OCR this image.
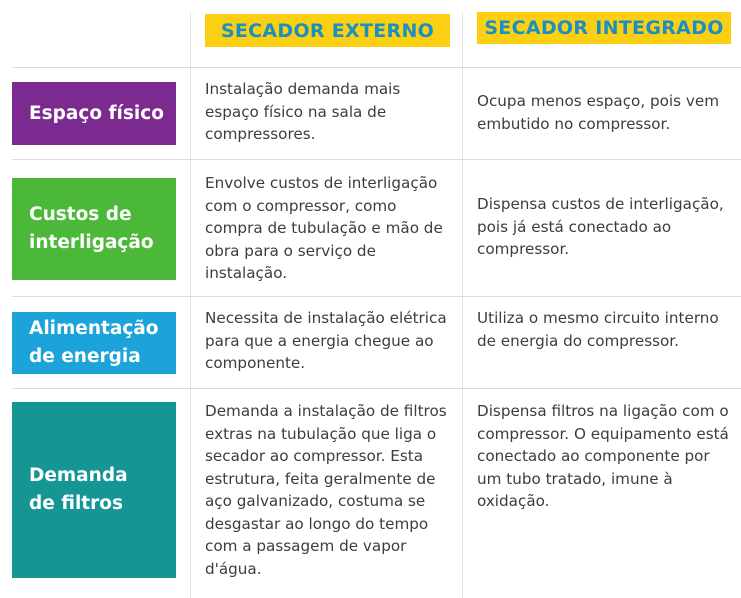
SECADOR EXTERNO	SECADOR INTEGRADO
Espaço físico
Instalação demanda mais espaço físico na sala de compressores.
Ocupa menos espaço, pois vem embutido no compressor.
Custos de interligação
Envolve custos de interligação com o compressor, como compra de tubulação e mão de obra para o serviço de instalação.
Dispensa custos de interligação, pois já está conectado ao compressor.
Alimentação de energia
Necessita de instalação elétrica para que a energia chegue ao componente.
Utiliza o mesmo circuito interno de energia do compressor.
Demanda de filtros
Demanda a instalação de filtros extras na tubulação que liga o secador ao compressor. Esta estrutura, feita geralmente de aço galvanizado, costuma se desgastar ao longo do tempo com a passagem de vapor d'água.
Dispensa filtros na ligação com o compressor. O equipamento está conectado ao componente por um tubo tratado, imune à oxidação.
